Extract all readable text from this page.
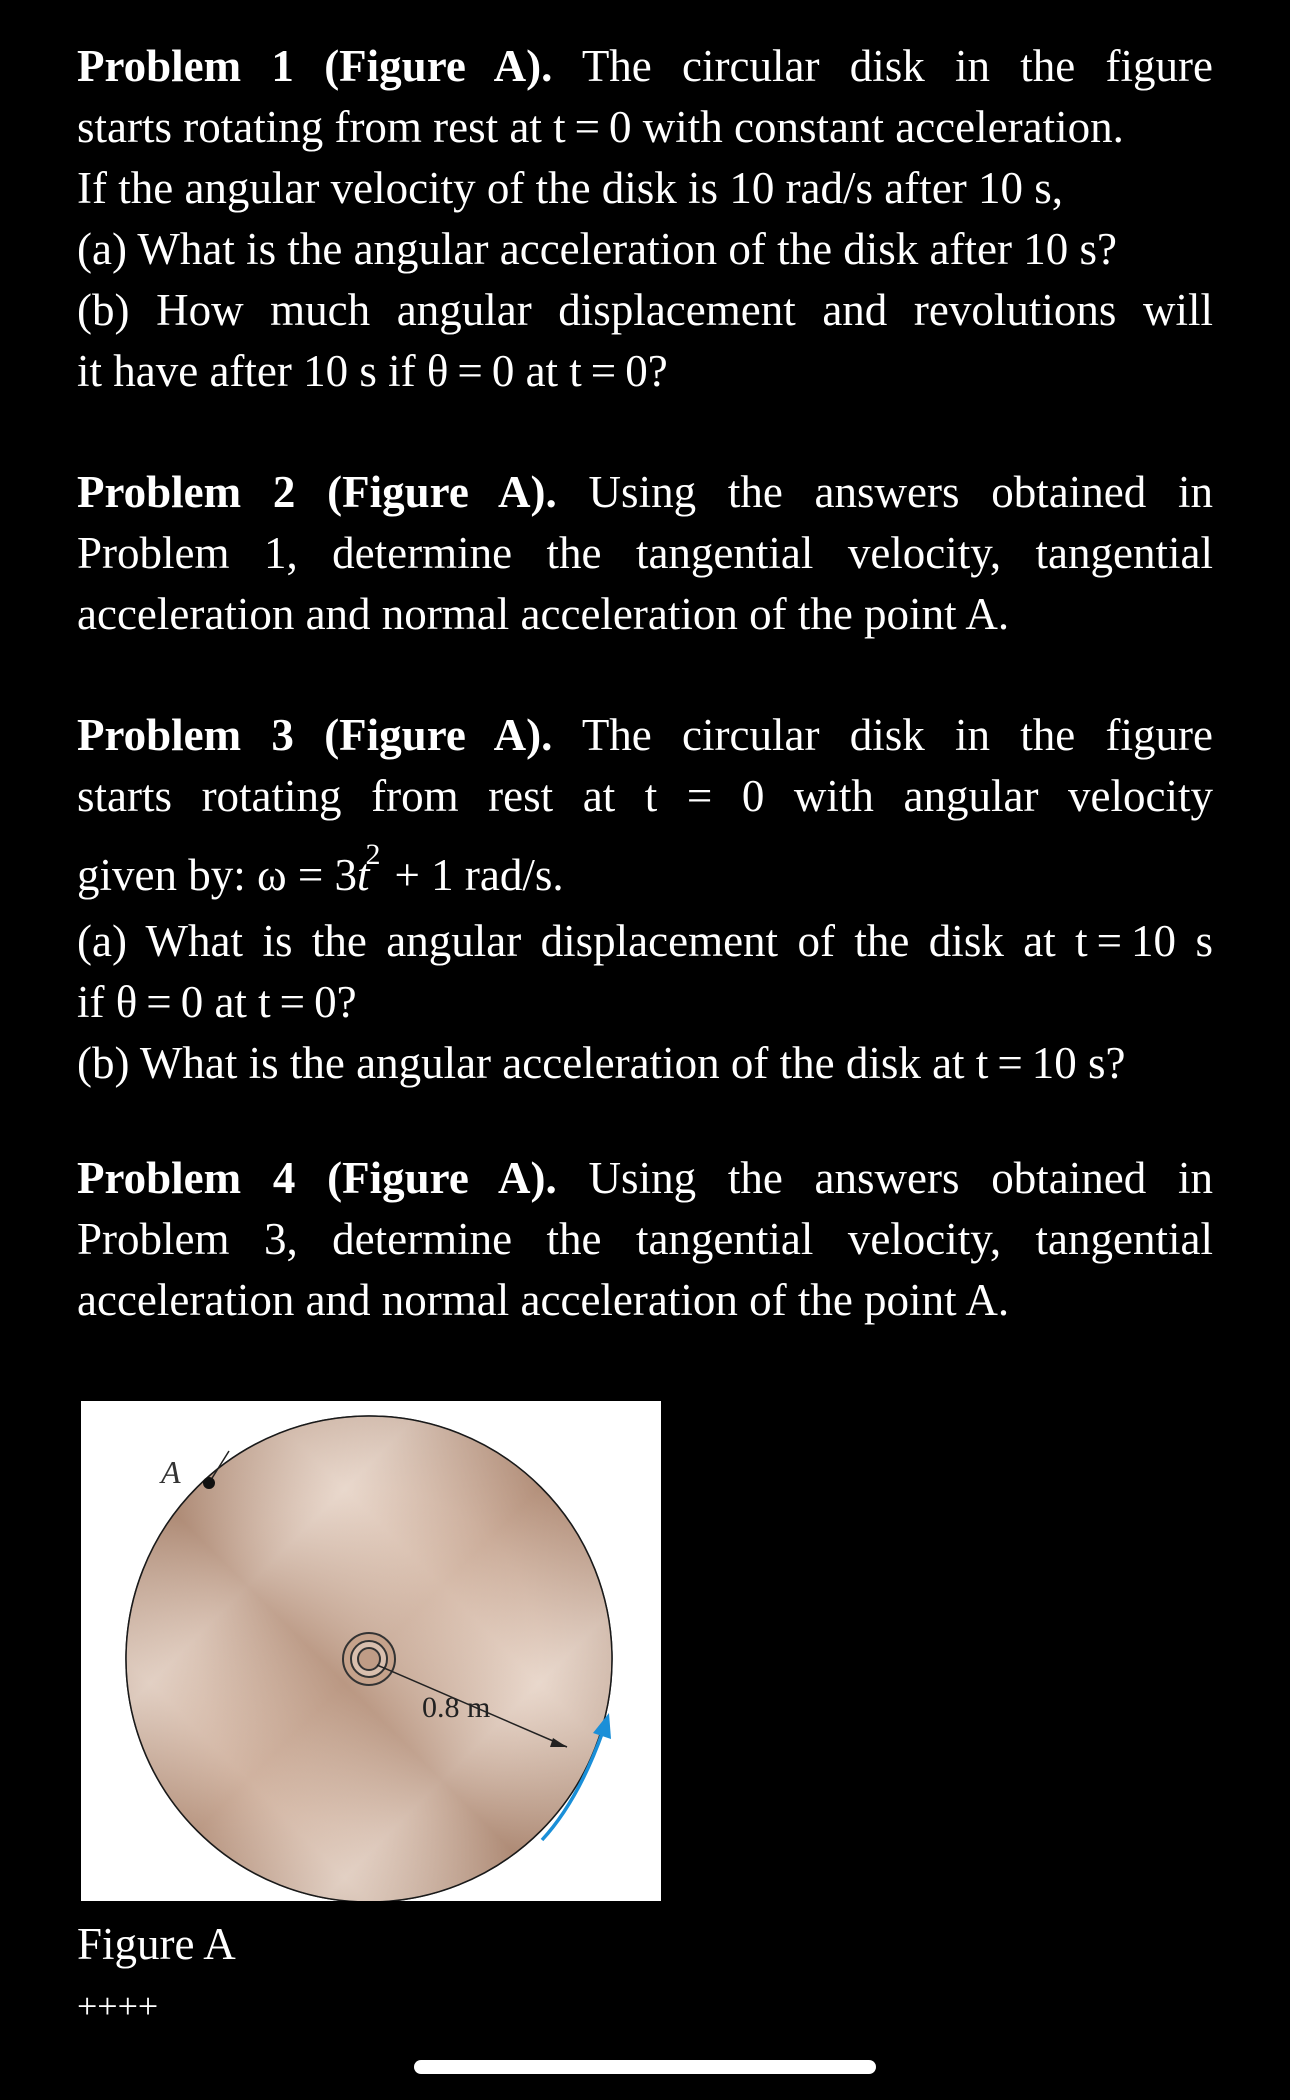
Problem 1 (Figure A). The circular disk in the figure
starts rotating from rest at t = 0 with constant acceleration.
If the angular velocity of the disk is 10 rad/s after 10 s,
(a) What is the angular acceleration of the disk after 10 s?
(b) How much angular displacement and revolutions will
it have after 10 s if θ = 0 at t = 0?
Problem 2 (Figure A). Using the answers obtained in
Problem 1, determine the tangential velocity, tangential
acceleration and normal acceleration of the point A.
Problem 3 (Figure A). The circular disk in the figure
starts rotating from rest at t = 0 with angular velocity
given by: $\omega = 3t^2 + 1$ rad/s.
(a) What is the angular displacement of the disk at t = 10 s
if θ = 0 at t = 0?
(b) What is the angular acceleration of the disk at t = 10 s?
Problem 4 (Figure A). Using the answers obtained in
Problem 3, determine the tangential velocity, tangential
acceleration and normal acceleration of the point A.
0.8 m
A
Figure A
++++
